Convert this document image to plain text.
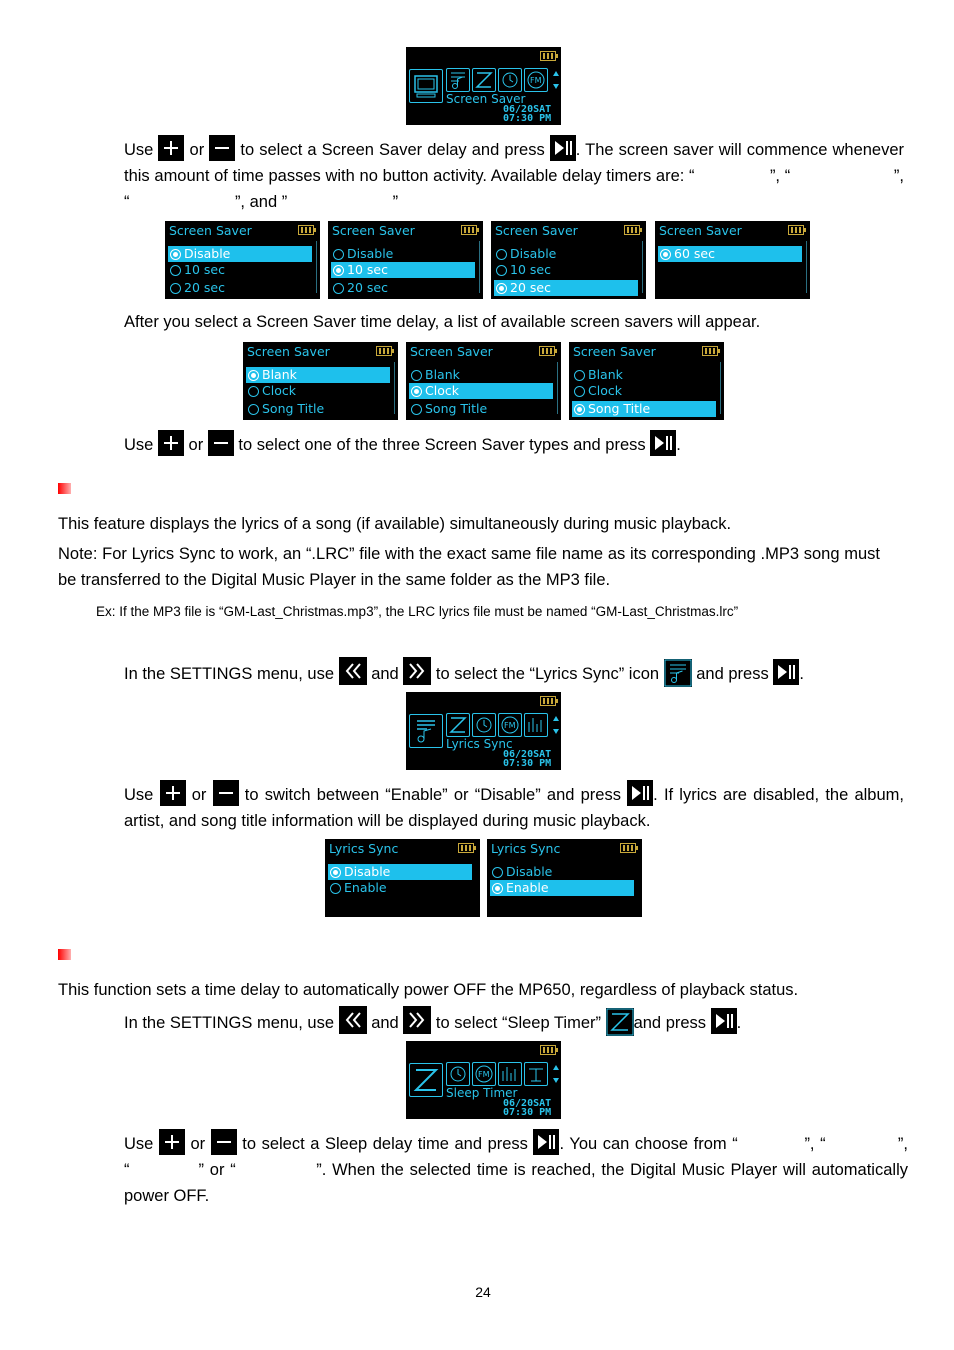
FM
Screen Saver
06/20SAT
07:30 PM
Use or to select a Screen Saver delay and press . The screen saver will commence whenever this amount of time passes with no button activity. Available delay timers are: “	”, “	”, “	”, and ”	”
Screen Saver
Disable
10 sec
20 sec
Screen Saver
Disable
10 sec
20 sec
Screen Saver
Disable
10 sec
20 sec
Screen Saver
60 sec
After you select a Screen Saver time delay, a list of available screen savers will appear.
Screen Saver
Blank
Clock
Song Title
Screen Saver
Blank
Clock
Song Title
Screen Saver
Blank
Clock
Song Title
Use or to select one of the three Screen Saver types and press .
This feature displays the lyrics of a song (if available) simultaneously during music playback.
Note: For Lyrics Sync to work, an “.LRC” file with the exact same file name as its corresponding .MP3 song must be transferred to the Digital Music Player in the same folder as the MP3 file.
Ex: If the MP3 file is “GM-Last_Christmas.mp3”, the LRC lyrics file must be named “GM-Last_Christmas.lrc”
In the SETTINGS menu, use and to select the “Lyrics Sync” icon and press .
FM
Lyrics Sync
06/20SAT
07:30 PM
Use or to switch between “Enable” or “Disable” and press . If lyrics are disabled, the album, artist, and song title information will be displayed during music playback.
Lyrics Sync
Disable
Enable
Lyrics Sync
Disable
Enable
This function sets a time delay to automatically power OFF the MP650, regardless of playback status.
In the SETTINGS menu, use and to select “Sleep Timer” and press .
FM
Sleep Timer
06/20SAT
07:30 PM
Use or to select a Sleep delay time and press . You can choose from “	”, “	”, “	” or “	”. When the selected time is reached, the Digital Music Player will automatically power OFF.
24
